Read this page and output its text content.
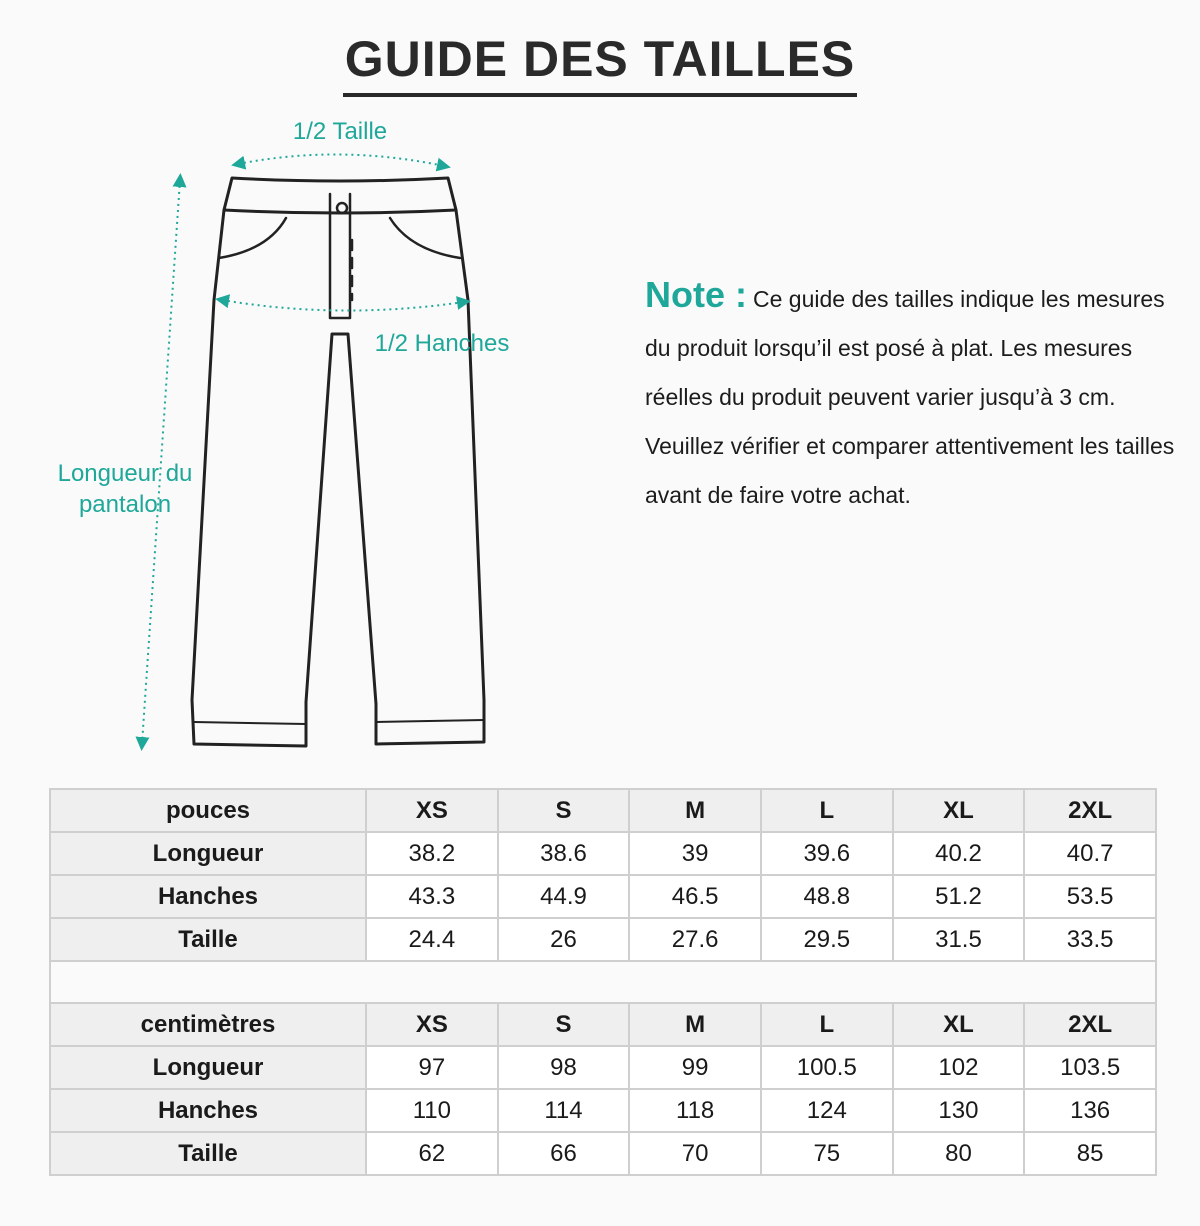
GUIDE DES TAILLES
1/2 Taille
1/2 Hanches
Longueur du pantalon
Note : Ce guide des tailles indique les mesures du produit lorsqu’il est posé à plat. Les mesures réelles du produit peuvent varier jusqu’à 3 cm. Veuillez vérifier et comparer attentivement les tailles avant de faire votre achat.
pouces	XS	S	M	L	XL	2XL
Longueur	38.2	38.6	39	39.6	40.2	40.7
Hanches	43.3	44.9	46.5	48.8	51.2	53.5
Taille	24.4	26	27.6	29.5	31.5	33.5

centimètres	XS	S	M	L	XL	2XL
Longueur	97	98	99	100.5	102	103.5
Hanches	110	114	118	124	130	136
Taille	62	66	70	75	80	85
